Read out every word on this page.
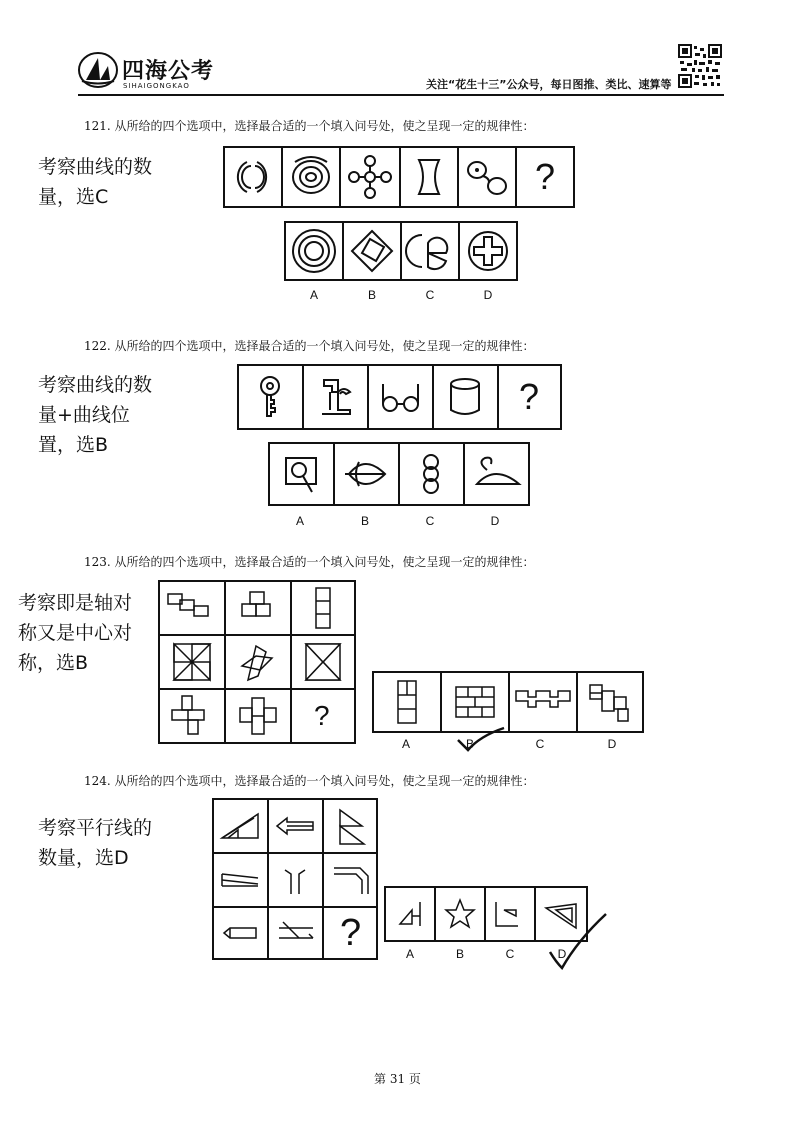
四海公考
SIHAIGONGKAO	关注“花生十三”公众号，每日图推、类比、速算等
121. 从所给的四个选项中，选择最合适的一个填入问号处，使之呈现一定的规律性：
考察曲线的数
量，选C	?
A	B	C	D
122. 从所给的四个选项中，选择最合适的一个填入问号处，使之呈现一定的规律性：
考察曲线的数
量+曲线位
置，选B
?
A	B	C	D
123. 从所给的四个选项中，选择最合适的一个填入问号处，使之呈现一定的规律性：
考察即是轴对
称又是中心对
称，选B
?
A	B	C	D
124. 从所给的四个选项中，选择最合适的一个填入问号处，使之呈现一定的规律性：
考察平行线的
数量，选D
?	A	B	C	D
第 31 页
